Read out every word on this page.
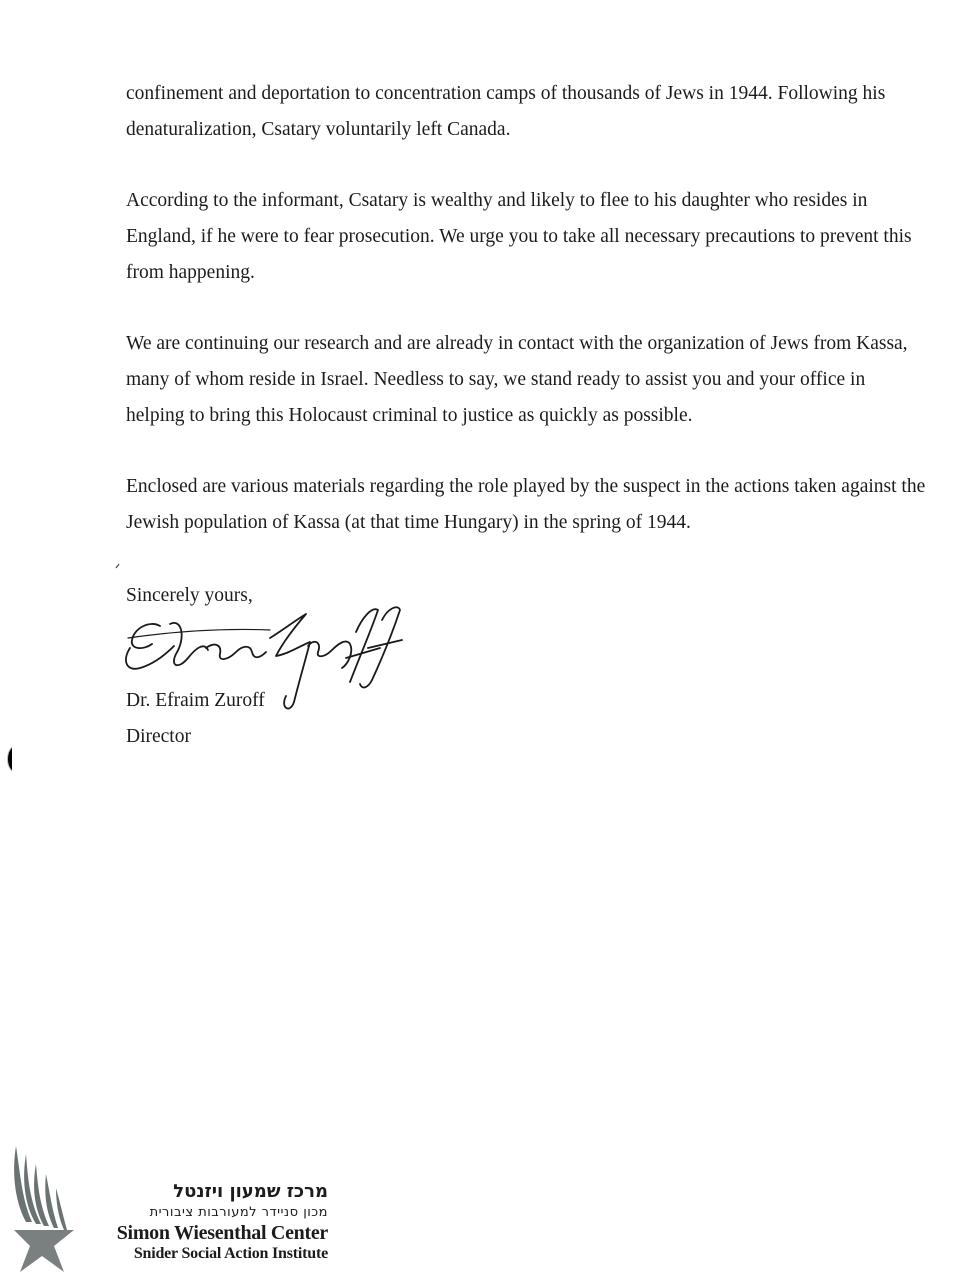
confinement and deportation to concentration camps of thousands of Jews in 1944. Following his
denaturalization, Csatary voluntarily left Canada.

According to the informant, Csatary is wealthy and likely to flee to his daughter who resides in
England, if he were to fear prosecution. We urge you to take all necessary precautions to prevent this
from happening.

We are continuing our research and are already in contact with the organization of Jews from Kassa,
many of whom reside in Israel. Needless to say, we stand ready to assist you and your office in
helping to bring this Holocaust criminal to justice as quickly as possible.

Enclosed are various materials regarding the role played by the suspect in the actions taken against the
Jewish population of Kassa (at that time Hungary) in the spring of 1944.

Sincerely yours,
Dr. Efraim Zuroff
Director
מרכז שמעון ויזנטל
מכון סניידר למעורבות ציבורית
Simon Wiesenthal Center
Snider Social Action Institute
